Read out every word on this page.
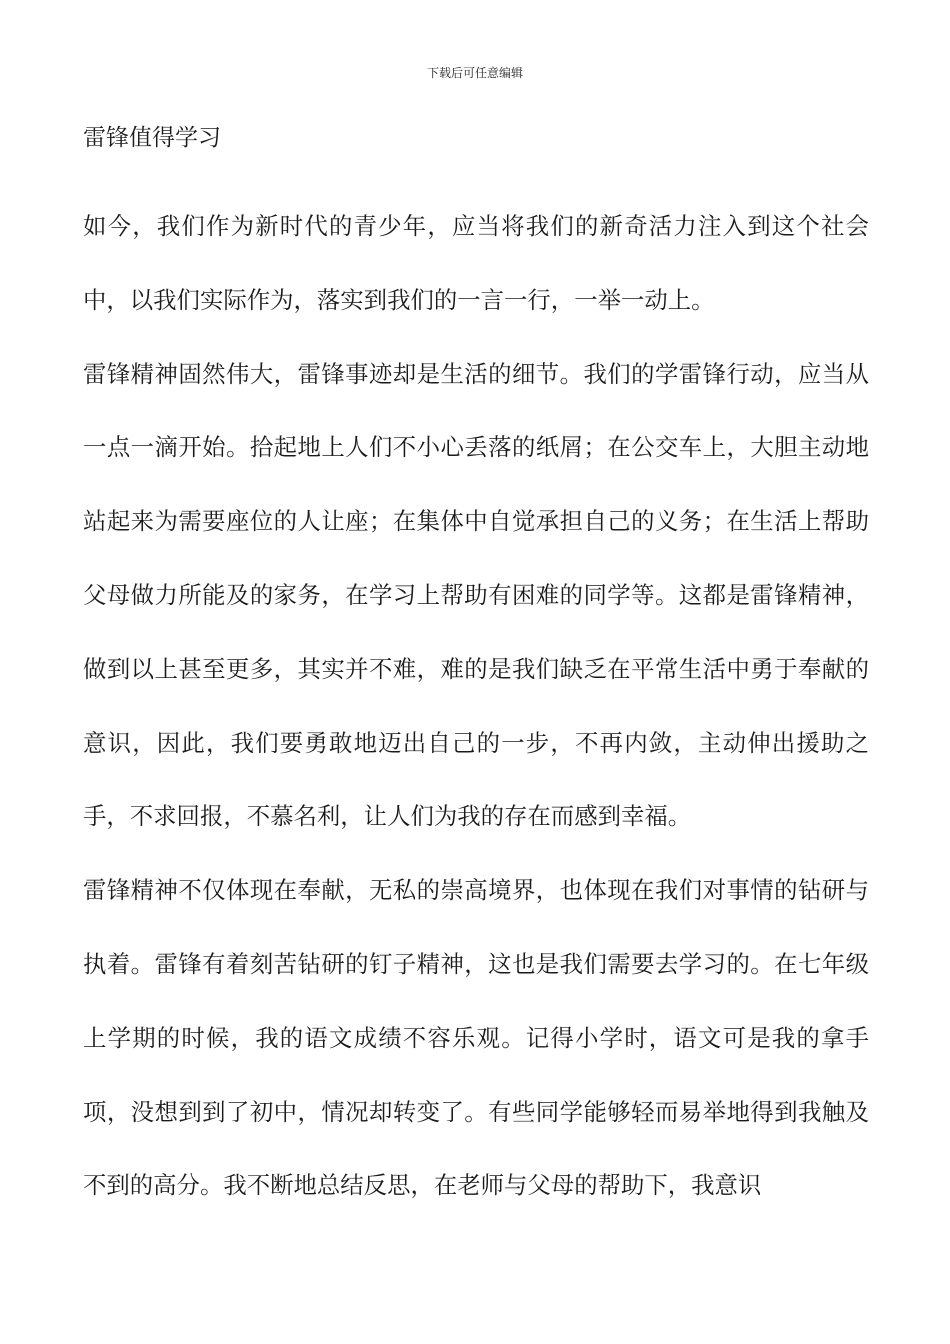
下载后可任意编辑

雷锋值得学习

如今，我们作为新时代的青少年，应当将我们的新奇活力注入到这个社会中，以我们实际作为，落实到我们的一言一行，一举一动上。

雷锋精神固然伟大，雷锋事迹却是生活的细节。我们的学雷锋行动，应当从一点一滴开始。拾起地上人们不小心丢落的纸屑；在公交车上，大胆主动地站起来为需要座位的人让座；在集体中自觉承担自己的义务；在生活上帮助父母做力所能及的家务，在学习上帮助有困难的同学等。这都是雷锋精神，做到以上甚至更多，其实并不难，难的是我们缺乏在平常生活中勇于奉献的意识，因此，我们要勇敢地迈出自己的一步，不再内敛，主动伸出援助之手，不求回报，不慕名利，让人们为我的存在而感到幸福。

雷锋精神不仅体现在奉献，无私的崇高境界，也体现在我们对事情的钻研与执着。雷锋有着刻苦钻研的钉子精神，这也是我们需要去学习的。在七年级上学期的时候，我的语文成绩不容乐观。记得小学时，语文可是我的拿手项，没想到到了初中，情况却转变了。有些同学能够轻而易举地得到我触及不到的高分。我不断地总结反思，在老师与父母的帮助下，我意识
